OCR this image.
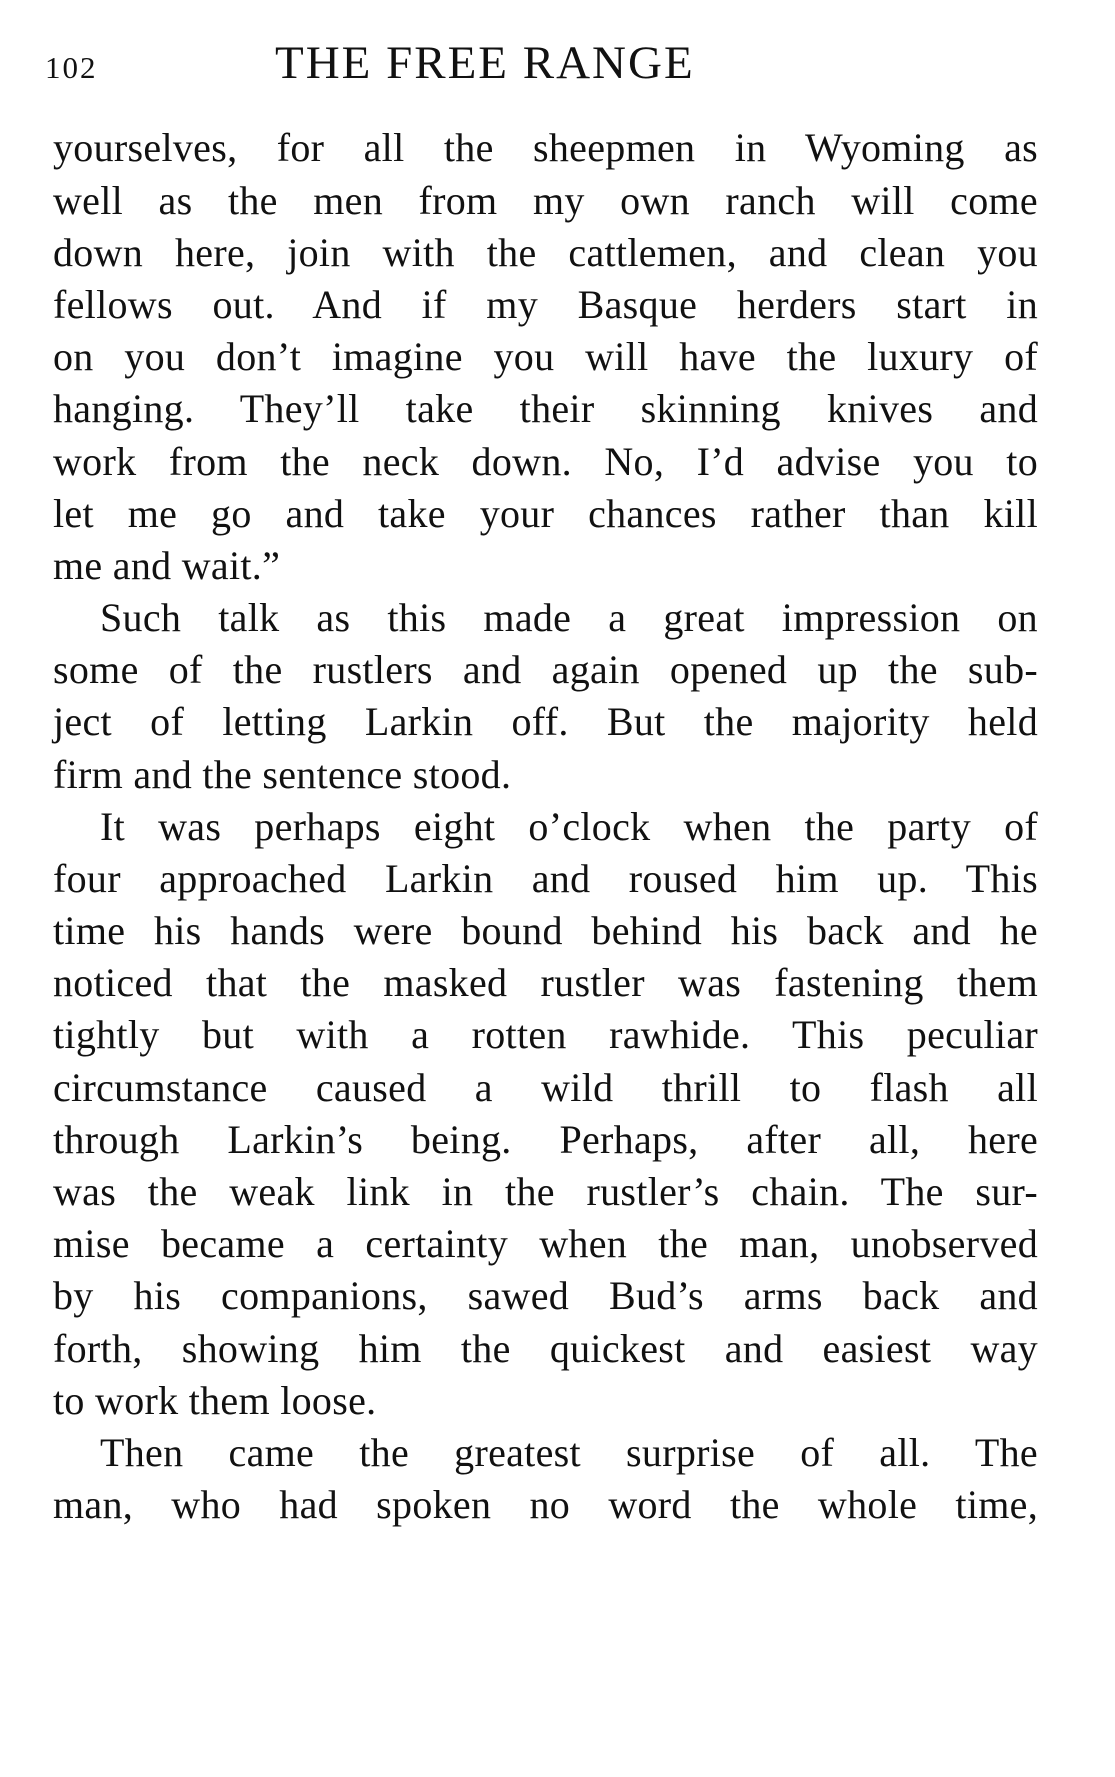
102	THE FREE RANGE
yourselves, for all the sheepmen in Wyoming as
well as the men from my own ranch will come
down here, join with the cattlemen, and clean you
fellows out. And if my Basque herders start in
on you don’t imagine you will have the luxury of
hanging. They’ll take their skinning knives and
work from the neck down. No, I’d advise you to
let me go and take your chances rather than kill
me and wait.”
Such talk as this made a great impression on
some of the rustlers and again opened up the sub-
ject of letting Larkin off. But the majority held
firm and the sentence stood.
It was perhaps eight o’clock when the party of
four approached Larkin and roused him up. This
time his hands were bound behind his back and he
noticed that the masked rustler was fastening them
tightly but with a rotten rawhide. This peculiar
circumstance caused a wild thrill to flash all
through Larkin’s being. Perhaps, after all, here
was the weak link in the rustler’s chain. The sur-
mise became a certainty when the man, unobserved
by his companions, sawed Bud’s arms back and
forth, showing him the quickest and easiest way
to work them loose.
Then came the greatest surprise of all. The
man, who had spoken no word the whole time,
